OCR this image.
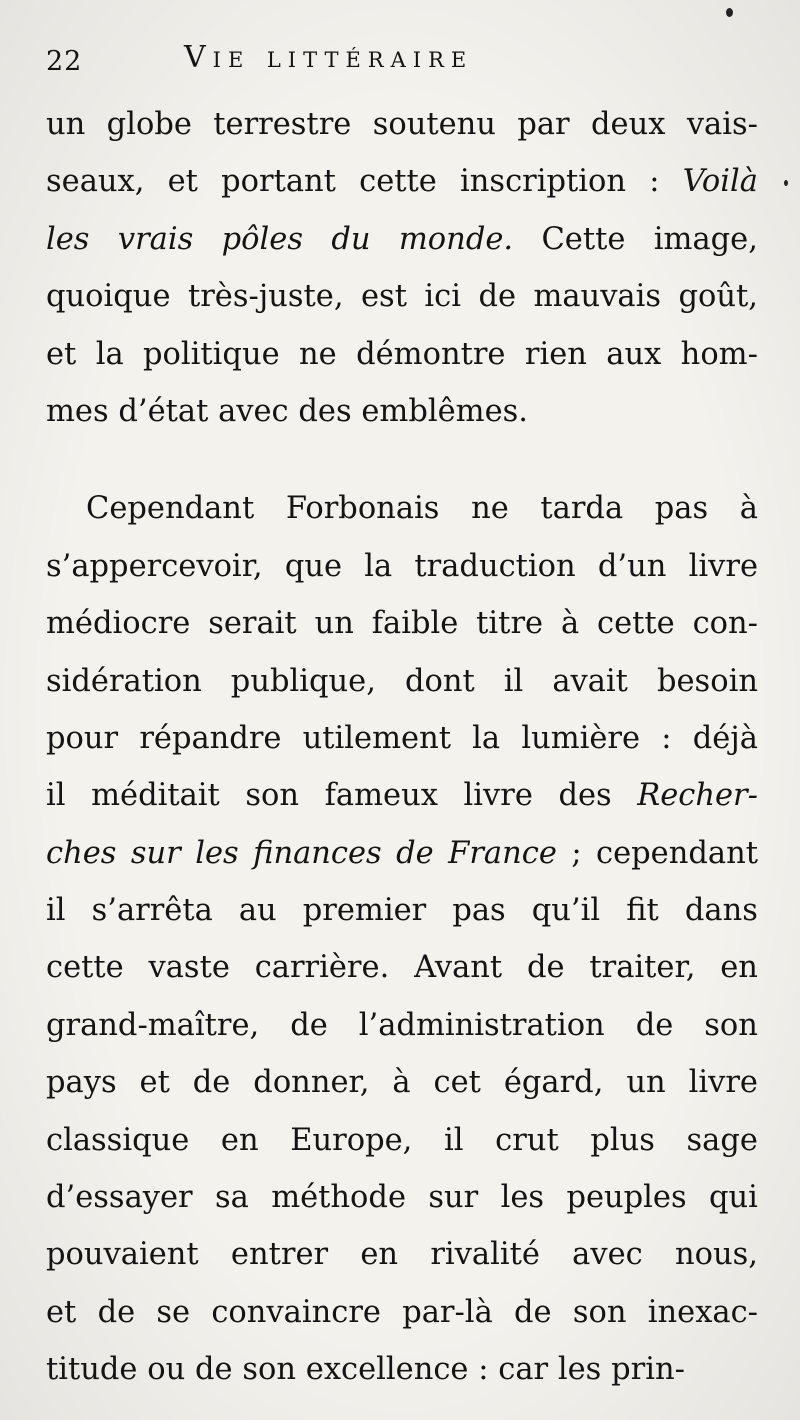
22	Vie littéraire
un globe terrestre soutenu par deux vais-
seaux, et portant cette inscription : Voilà
les vrais pôles du monde. Cette image,
quoique très-juste, est ici de mauvais goût,
et la politique ne démontre rien aux hom-
mes d’état avec des emblêmes.
Cependant Forbonais ne tarda pas à
s’appercevoir, que la traduction d’un livre
médiocre serait un faible titre à cette con-
sidération publique, dont il avait besoin
pour répandre utilement la lumière : déjà
il méditait son fameux livre des Recher-
ches sur les finances de France ; cependant
il s’arrêta au premier pas qu’il fit dans
cette vaste carrière. Avant de traiter, en
grand-maître, de l’administration de son
pays et de donner, à cet égard, un livre
classique en Europe, il crut plus sage
d’essayer sa méthode sur les peuples qui
pouvaient entrer en rivalité avec nous,
et de se convaincre par-là de son inexac-
titude ou de son excellence : car les prin-
